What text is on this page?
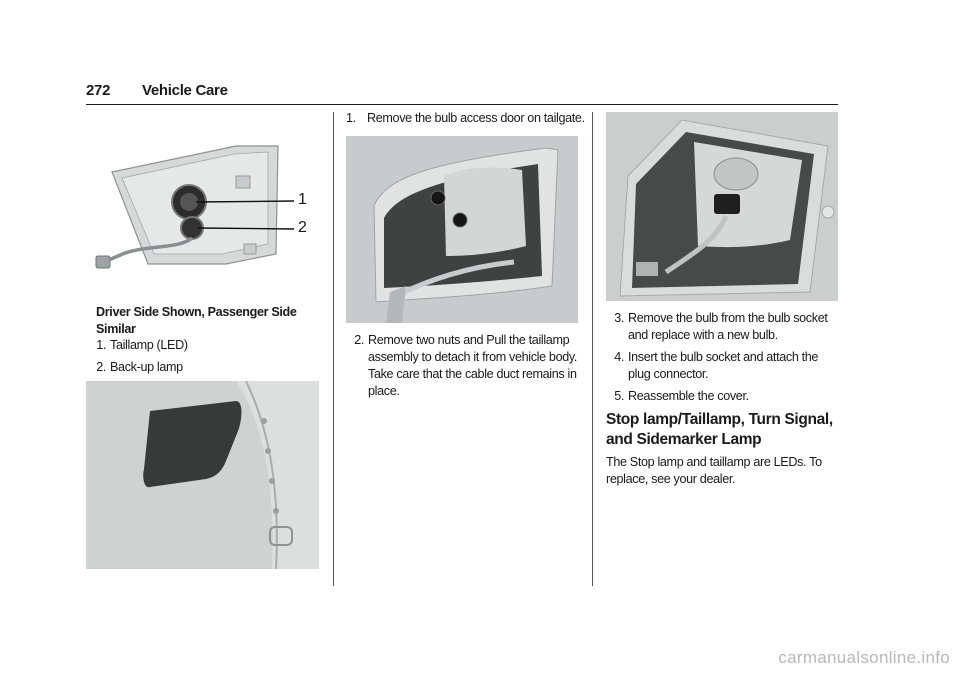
272 Vehicle Care
1
2
Driver Side Shown, Passenger Side Similar
1. Taillamp (LED)
2. Back-up lamp
1. Remove the bulb access door on tailgate.
2. Remove two nuts and Pull the taillamp assembly to detach it from vehicle body. Take care that the cable duct remains in place.
3. Remove the bulb from the bulb socket and replace with a new bulb.
4. Insert the bulb socket and attach the plug connector.
5. Reassemble the cover.
Stop lamp/Taillamp, Turn Signal, and Sidemarker Lamp
The Stop lamp and taillamp are LEDs. To replace, see your dealer.
carmanualsonline.info
